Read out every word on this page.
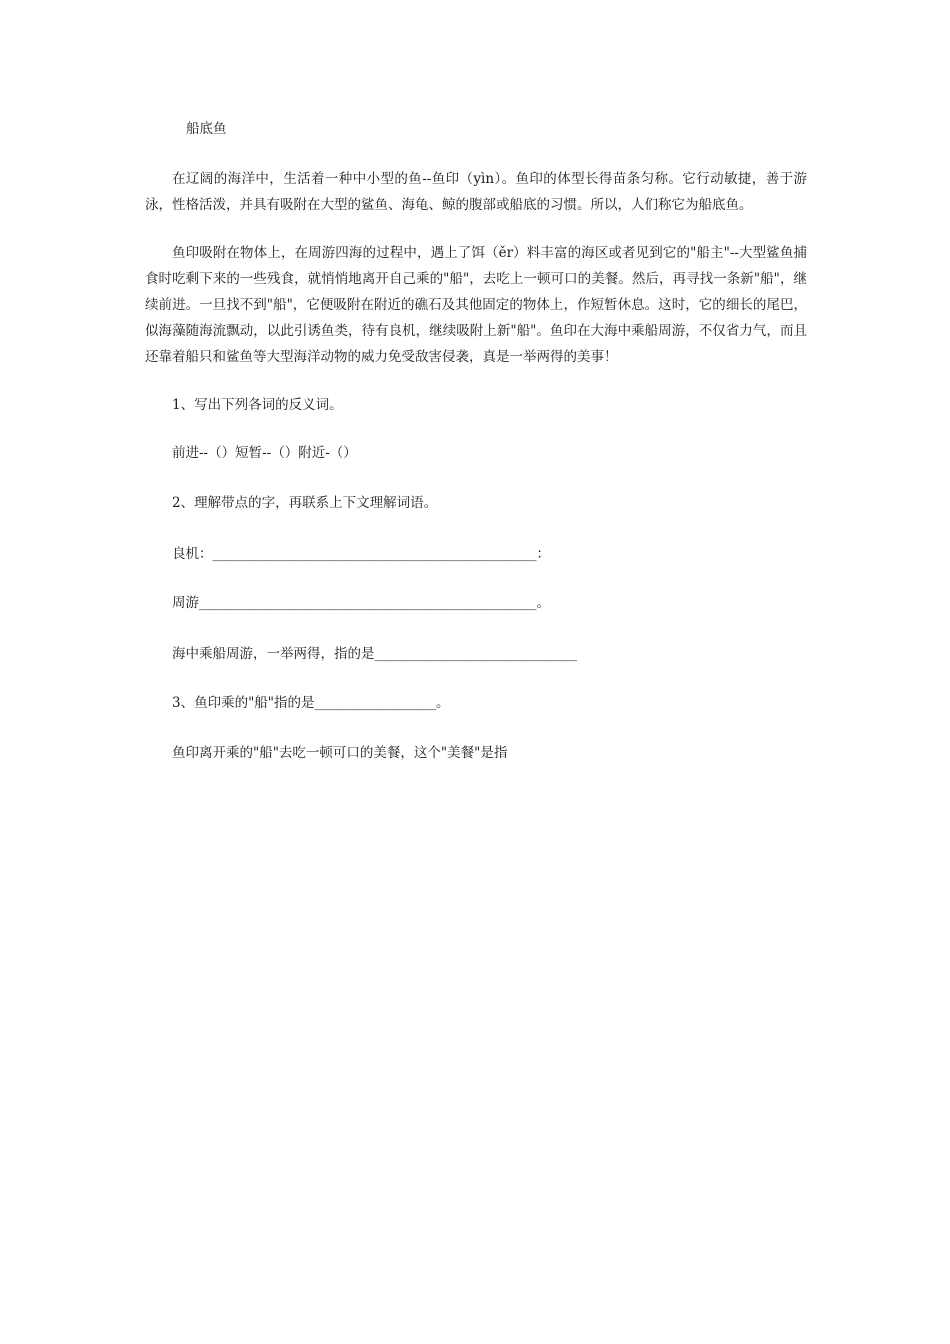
船底鱼
在辽阔的海洋中，生活着一种中小型的鱼--鱼印（yìn）。鱼印的体型长得苗条匀称。它行动敏捷，善于游泳，性格活泼，并具有吸附在大型的鲨鱼、海龟、鲸的腹部或船底的习惯。所以，人们称它为船底鱼。
鱼印吸附在物体上，在周游四海的过程中，遇上了饵（ěr）料丰富的海区或者见到它的"船主"--大型鲨鱼捕食时吃剩下来的一些残食，就悄悄地离开自己乘的"船"，去吃上一顿可口的美餐。然后，再寻找一条新"船"，继续前进。一旦找不到"船"，它便吸附在附近的礁石及其他固定的物体上，作短暂休息。这时，它的细长的尾巴，似海藻随海流飘动，以此引诱鱼类，待有良机，继续吸附上新"船"。鱼印在大海中乘船周游，不仅省力气，而且还靠着船只和鲨鱼等大型海洋动物的威力免受敌害侵袭，真是一举两得的美事！
1、写出下列各词的反义词。
前进--（）短暂--（）附近-（）
2、理解带点的字，再联系上下文理解词语。
良机：________________________________________________：
周游__________________________________________________。
海中乘船周游，一举两得，指的是______________________________
3、鱼印乘的"船"指的是__________________。
鱼印离开乘的"船"去吃一顿可口的美餐，这个"美餐"是指
